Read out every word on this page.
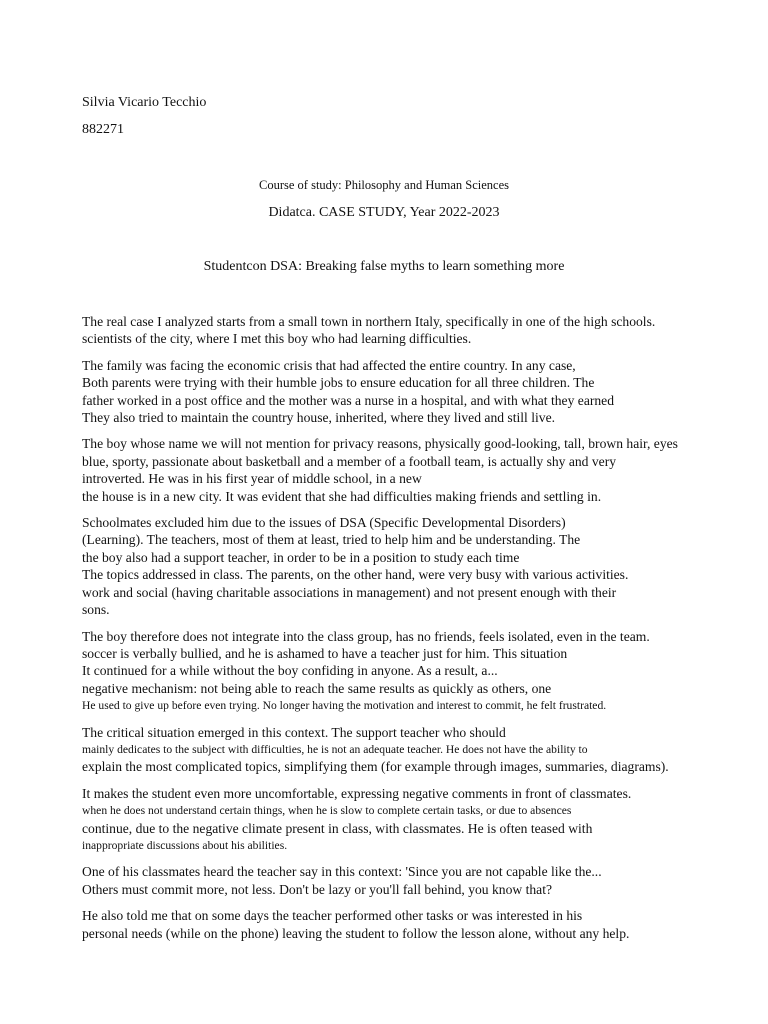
Silvia Vicario Tecchio
882271
Course of study: Philosophy and Human Sciences
Didatca. CASE STUDY, Year 2022-2023
Studentcon DSA: Breaking false myths to learn something more
The real case I analyzed starts from a small town in northern Italy, specifically in one of the high schools.
scientists of the city, where I met this boy who had learning difficulties.
The family was facing the economic crisis that had affected the entire country. In any case,
Both parents were trying with their humble jobs to ensure education for all three children. The
father worked in a post office and the mother was a nurse in a hospital, and with what they earned
They also tried to maintain the country house, inherited, where they lived and still live.
The boy whose name we will not mention for privacy reasons, physically good-looking, tall, brown hair, eyes
blue, sporty, passionate about basketball and a member of a football team, is actually shy and very
introverted. He was in his first year of middle school, in a new
the house is in a new city. It was evident that she had difficulties making friends and settling in.
Schoolmates excluded him due to the issues of DSA (Specific Developmental Disorders)
(Learning). The teachers, most of them at least, tried to help him and be understanding. The
the boy also had a support teacher, in order to be in a position to study each time
The topics addressed in class. The parents, on the other hand, were very busy with various activities.
work and social (having charitable associations in management) and not present enough with their
sons.
The boy therefore does not integrate into the class group, has no friends, feels isolated, even in the team.
soccer is verbally bullied, and he is ashamed to have a teacher just for him. This situation
It continued for a while without the boy confiding in anyone. As a result, a...
negative mechanism: not being able to reach the same results as quickly as others, one
He used to give up before even trying. No longer having the motivation and interest to commit, he felt frustrated.
The critical situation emerged in this context. The support teacher who should
mainly dedicates to the subject with difficulties, he is not an adequate teacher. He does not have the ability to
explain the most complicated topics, simplifying them (for example through images, summaries, diagrams).
It makes the student even more uncomfortable, expressing negative comments in front of classmates.
when he does not understand certain things, when he is slow to complete certain tasks, or due to absences
continue, due to the negative climate present in class, with classmates. He is often teased with
inappropriate discussions about his abilities.
One of his classmates heard the teacher say in this context: 'Since you are not capable like the...
Others must commit more, not less. Don't be lazy or you'll fall behind, you know that?
He also told me that on some days the teacher performed other tasks or was interested in his
personal needs (while on the phone) leaving the student to follow the lesson alone, without any help.
